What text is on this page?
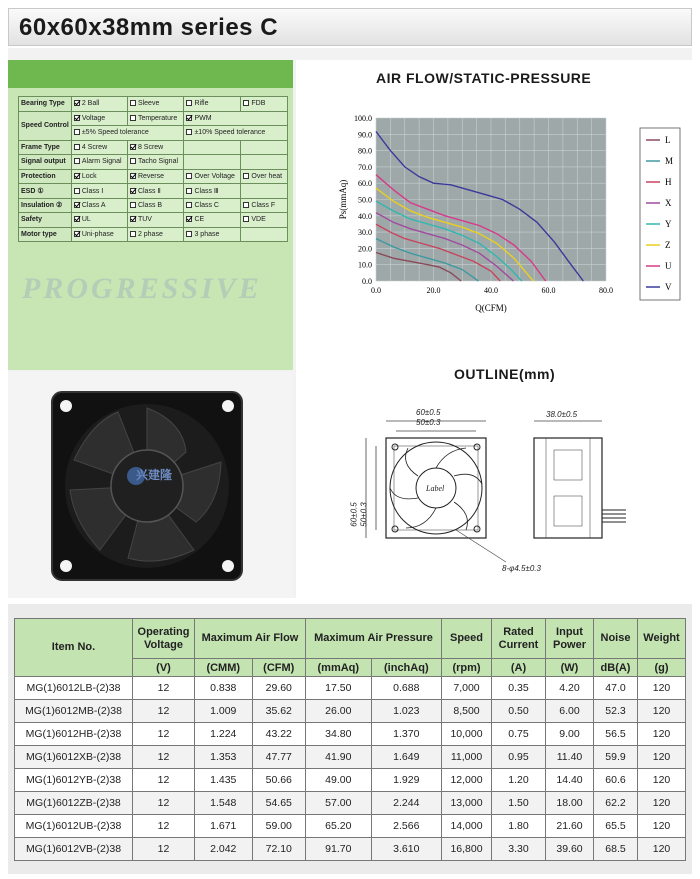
60x60x38mm series C
Bearing Type	2 Ball	Sleeve	Rifle	FDB
Speed Control	Voltage	Temperature	PWM	
	±5% Speed tolerance		±10% Speed tolerance	
Frame Type	4 Screw	8 Screw		
Signal output	Alarm Signal	Tacho Signal		
Protection	Lock	Reverse	Over Voltage	Over heat
ESD ①	Class Ⅰ	Class Ⅱ	Class Ⅲ	
Insulation ②	Class A	Class B	Class C	Class F
Safety	UL	TUV	CE	VDE
Motor type	Uni-phase	2 phase	3 phase	
PROGRESSIVE
兴建隆
AIR FLOW/STATIC-PRESSURE
0.0
10.0
20.0
30.0
40.0
50.0
60.0
70.0
80.0
90.0
100.0
0.0	20.0	40.0	60.0	80.0
Q(CFM)
Ps(mmAq)
L
M
H
X
Y
Z
U
V
OUTLINE(mm)
60±0.5
50±0.3
60±0.5 50±0.3
38.0±0.5
8-φ4.5±0.3
Label
Item No.	Operating Voltage	Maximum Air Flow		Maximum Air Pressure		Speed	Rated Current	Input Power	Noise	Weight
	(V)	(CMM)	(CFM)	(mmAq)	(inchAq)	(rpm)	(A)	(W)	dB(A)	(g)
MG(1)6012LB-(2)38	12	0.838	29.60	17.50	0.688	7,000	0.35	4.20	47.0	120
MG(1)6012MB-(2)38	12	1.009	35.62	26.00	1.023	8,500	0.50	6.00	52.3	120
MG(1)6012HB-(2)38	12	1.224	43.22	34.80	1.370	10,000	0.75	9.00	56.5	120
MG(1)6012XB-(2)38	12	1.353	47.77	41.90	1.649	11,000	0.95	11.40	59.9	120
MG(1)6012YB-(2)38	12	1.435	50.66	49.00	1.929	12,000	1.20	14.40	60.6	120
MG(1)6012ZB-(2)38	12	1.548	54.65	57.00	2.244	13,000	1.50	18.00	62.2	120
MG(1)6012UB-(2)38	12	1.671	59.00	65.20	2.566	14,000	1.80	21.60	65.5	120
MG(1)6012VB-(2)38	12	2.042	72.10	91.70	3.610	16,800	3.30	39.60	68.5	120
